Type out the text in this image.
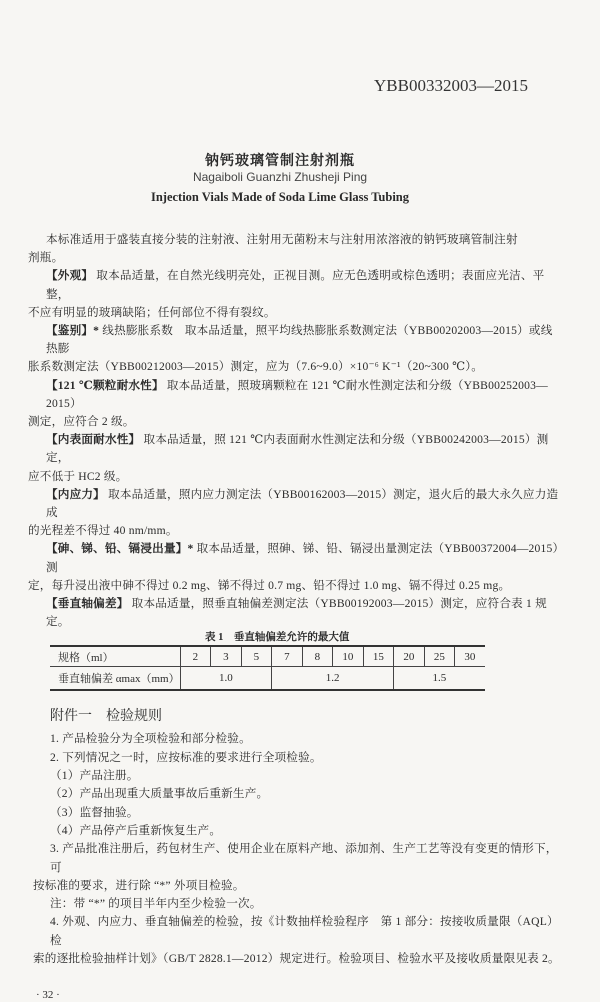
YBB00332003—2015
钠钙玻璃管制注射剂瓶
Nagaiboli Guanzhi Zhusheji Ping
Injection Vials Made of Soda Lime Glass Tubing
本标准适用于盛装直接分装的注射液、注射用无菌粉末与注射用浓溶液的钠钙玻璃管制注射
剂瓶。
【外观】 取本品适量，在自然光线明亮处，正视目测。应无色透明或棕色透明；表面应光洁、平整，
不应有明显的玻璃缺陷；任何部位不得有裂纹。
【鉴别】* 线热膨胀系数　取本品适量，照平均线热膨胀系数测定法（YBB00202003—2015）或线热膨
胀系数测定法（YBB00212003—2015）测定，应为（7.6~9.0）×10⁻⁶ K⁻¹（20~300 ℃）。
【121 ℃颗粒耐水性】 取本品适量，照玻璃颗粒在 121 ℃耐水性测定法和分级（YBB00252003—2015）
测定，应符合 2 级。
【内表面耐水性】 取本品适量，照 121 ℃内表面耐水性测定法和分级（YBB00242003—2015）测定，
应不低于 HC2 级。
【内应力】 取本品适量，照内应力测定法（YBB00162003—2015）测定，退火后的最大永久应力造成
的光程差不得过 40 nm/mm。
【砷、锑、铅、镉浸出量】* 取本品适量，照砷、锑、铅、镉浸出量测定法（YBB00372004—2015）测
定，每升浸出液中砷不得过 0.2 mg、锑不得过 0.7 mg、铅不得过 1.0 mg、镉不得过 0.25 mg。
【垂直轴偏差】 取本品适量，照垂直轴偏差测定法（YBB00192003—2015）测定，应符合表 1 规定。
表 1　垂直轴偏差允许的最大值
规格（ml）	2	3	5	7	8	10	15	20	25	30
垂直轴偏差 αmax（mm）	1.0			1.2				1.5		
附件一　检验规则
1. 产品检验分为全项检验和部分检验。
2. 下列情况之一时，应按标准的要求进行全项检验。
（1）产品注册。
（2）产品出现重大质量事故后重新生产。
（3）监督抽验。
（4）产品停产后重新恢复生产。
3. 产品批准注册后，药包材生产、使用企业在原料产地、添加剂、生产工艺等没有变更的情形下，可
按标准的要求，进行除 “*” 外项目检验。
注：带 “*” 的项目半年内至少检验一次。
4. 外观、内应力、垂直轴偏差的检验，按《计数抽样检验程序　第 1 部分：按接收质量限（AQL）检
索的逐批检验抽样计划》（GB/T 2828.1—2012）规定进行。检验项目、检验水平及接收质量限见表 2。
· 32 ·
